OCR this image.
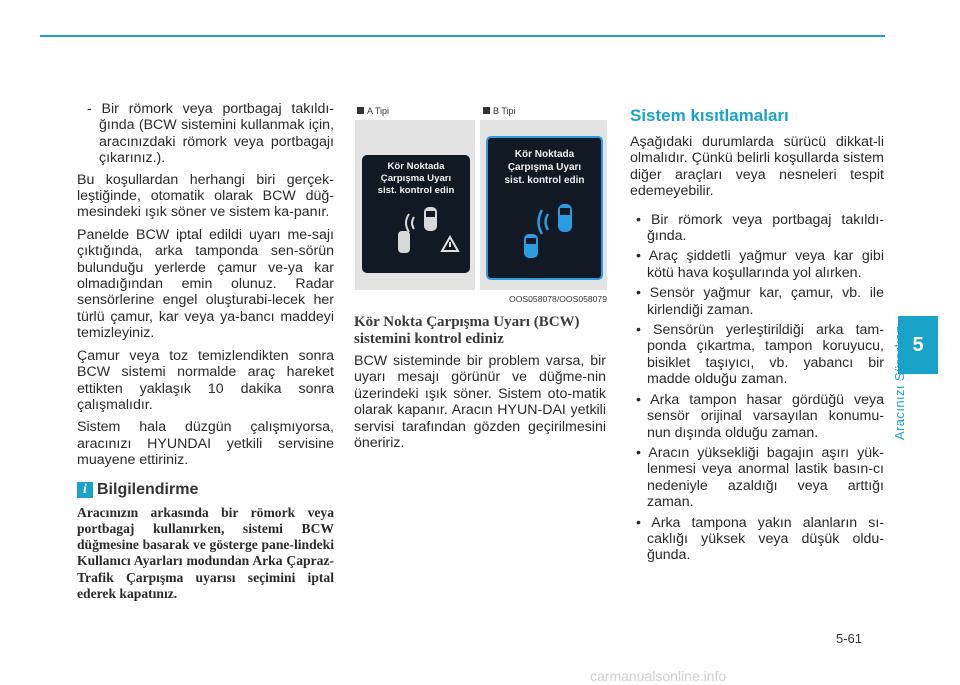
- Bir römork veya portbagaj takıldı-ğında (BCW sistemini kullanmak için, aracınızdaki römork veya portbagajı çıkarınız.).

Bu koşullardan herhangi biri gerçek-leştiğinde, otomatik olarak BCW düğ-mesindeki ışık söner ve sistem ka-panır.

Panelde BCW iptal edildi uyarı me-sajı çıktığında, arka tamponda sen-sörün bulunduğu yerlerde çamur ve-ya kar olmadığından emin olunuz. Radar sensörlerine engel oluşturabi-lecek her türlü çamur, kar veya ya-bancı maddeyi temizleyiniz.

Çamur veya toz temizlendikten sonra BCW sistemi normalde araç hareket ettikten yaklaşık 10 dakika sonra çalışmalıdır.

Sistem hala düzgün çalışmıyorsa, aracınızı HYUNDAI yetkili servisine muayene ettiriniz.

i Bilgilendirme

Aracınızın arkasında bir römork veya portbagaj kullanırken, sistemi BCW düğmesine basarak ve gösterge pane-lindeki Kullanıcı Ayarları modundan Arka Çapraz-Trafik Çarpışma uyarısı seçimini iptal ederek kapatınız.

A Tipi	B Tipi
Kör Noktada
Çarpışma Uyarı
sist. kontrol edin
Kör Noktada
Çarpışma Uyarı
sist. kontrol edin
OOS058078/OOS058079

Kör Nokta Çarpışma Uyarı (BCW) sistemini kontrol ediniz

BCW sisteminde bir problem varsa, bir uyarı mesajı görünür ve düğme-nin üzerindeki ışık söner. Sistem oto-matik olarak kapanır. Aracın HYUN-DAI yetkili servisi tarafından gözden geçirilmesini öneririz.

Sistem kısıtlamaları

Aşağıdaki durumlarda sürücü dikkat-li olmalıdır. Çünkü belirli koşullarda sistem diğer araçları veya nesneleri tespit edemeyebilir.

• Bir römork veya portbagaj takıldı-ğında.

• Araç şiddetli yağmur veya kar gibi kötü hava koşullarında yol alırken.

• Sensör yağmur kar, çamur, vb. ile kirlendiği zaman.

• Sensörün yerleştirildiği arka tam-ponda çıkartma, tampon koruyucu, bisiklet taşıyıcı, vb. yabancı bir madde olduğu zaman.

• Arka tampon hasar gördüğü veya sensör orijinal varsayılan konumu-nun dışında olduğu zaman.

• Aracın yüksekliği bagajın aşırı yük-lenmesi veya anormal lastik basın-cı nedeniyle azaldığı veya arttığı zaman.

• Arka tampona yakın alanların sı-caklığı yüksek veya düşük oldu-ğunda.

5
Aracınızı Sürerken
5-61
carmanualsonline.info
